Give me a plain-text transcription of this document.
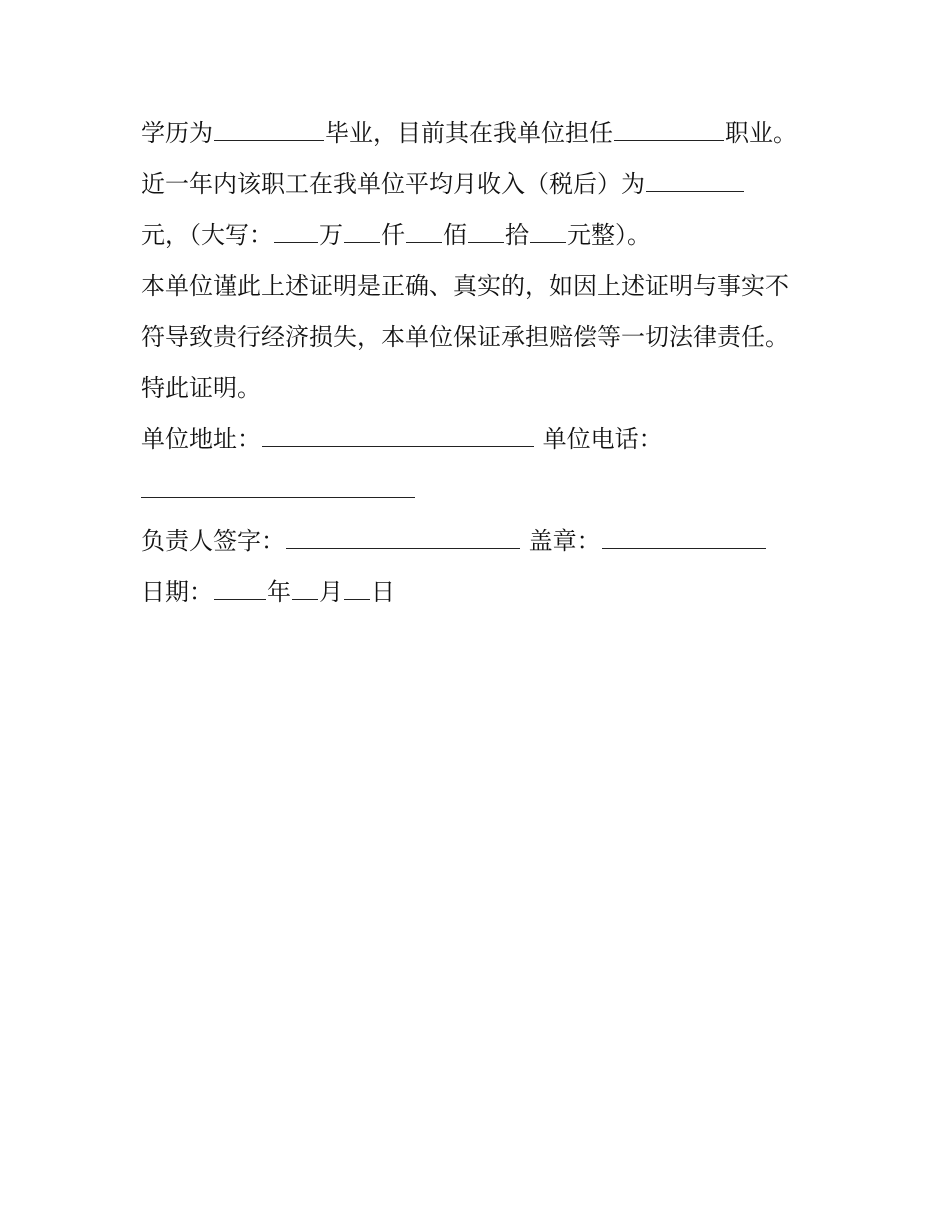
学历为	毕业，目前其在我单位担任	职业。
近一年内该职工在我单位平均月收入（税后）为
元，（大写： 万 仟 佰 拾 元整）。
本单位谨此上述证明是正确、真实的，如因上述证明与事实不
符导致贵行经济损失，本单位保证承担赔偿等一切法律责任。
特此证明。
单位地址：	单位电话：
负责人签字：	盖章：
日期： 年 月 日
